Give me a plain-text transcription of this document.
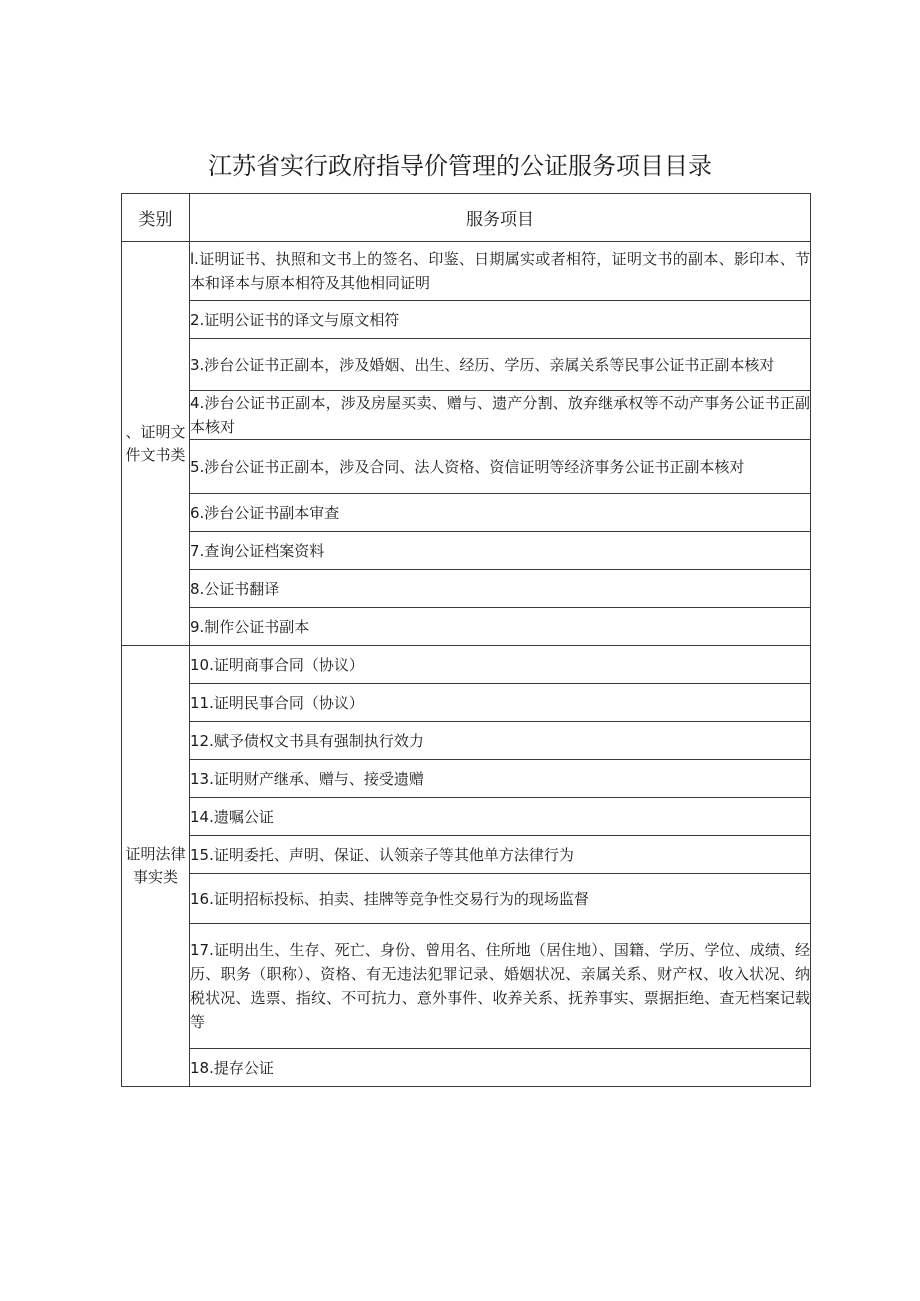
江苏省实行政府指导价管理的公证服务项目目录
类别	服务项目
、证明文件文书类	l.证明证书、执照和文书上的签名、印鉴、日期属实或者相符，证明文书的副本、影印本、节本和译本与原本相符及其他相同证明
	2.证明公证书的译文与原文相符
	3.涉台公证书正副本，涉及婚姻、出生、经历、学历、亲属关系等民事公证书正副本核对
	4.涉台公证书正副本，涉及房屋买卖、赠与、遗产分割、放弃继承权等不动产事务公证书正副本核对
	5.涉台公证书正副本，涉及合同、法人资格、资信证明等经济事务公证书正副本核对
	6.涉台公证书副本审查
	7.查询公证档案资料
	8.公证书翻译
	9.制作公证书副本
证明法律事实类	10.证明商事合同（协议）
	11.证明民事合同（协议）
	12.赋予债权文书具有强制执行效力
	13.证明财产继承、赠与、接受遗赠
	14.遗嘱公证
	15.证明委托、声明、保证、认领亲子等其他单方法律行为
	16.证明招标投标、拍卖、挂牌等竞争性交易行为的现场监督
	17.证明出生、生存、死亡、身份、曾用名、住所地（居住地）、国籍、学历、学位、成绩、经历、职务（职称）、资格、有无违法犯罪记录、婚姻状况、亲属关系、财产权、收入状况、纳税状况、选票、指纹、不可抗力、意外事件、收养关系、抚养事实、票据拒绝、查无档案记载等
	18.提存公证
